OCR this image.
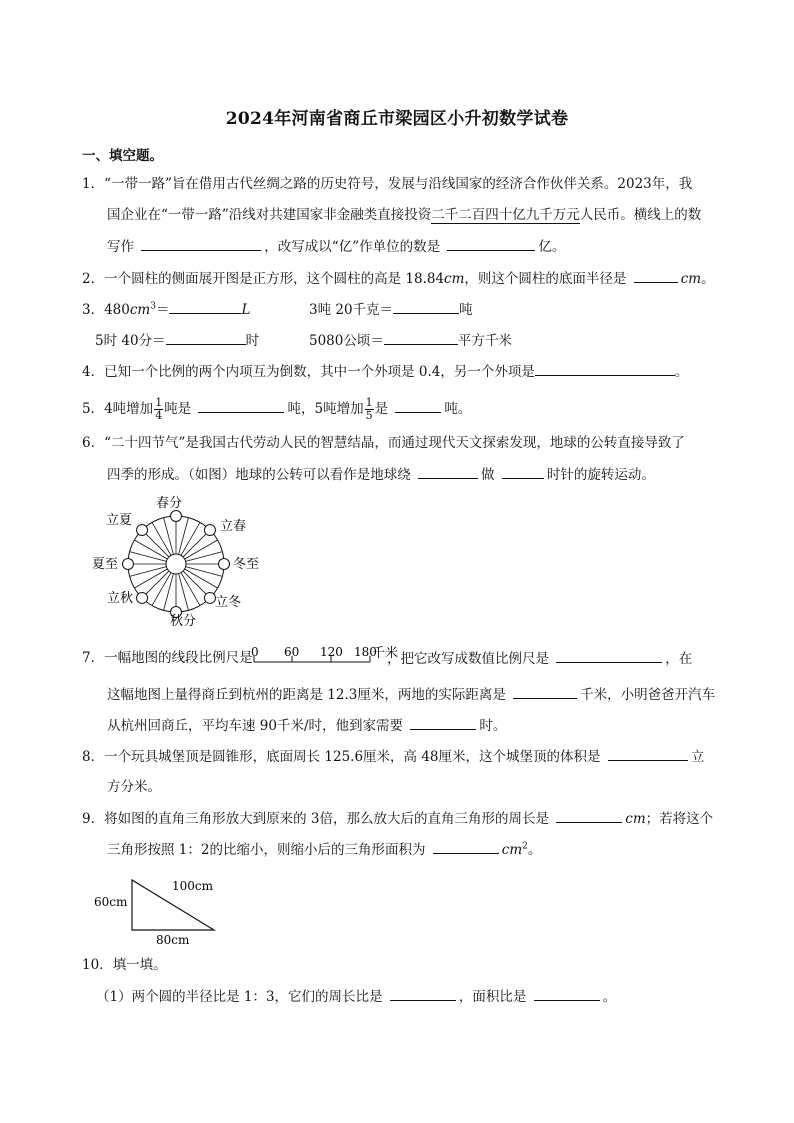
2024年河南省商丘市梁园区小升初数学试卷
一、填空题。
1．“一带一路”旨在借用古代丝绸之路的历史符号，发展与沿线国家的经济合作伙伴关系。2023年，我
国企业在“一带一路”沿线对共建国家非金融类直接投资二千二百四十亿九千万元人民币。横线上的数
写作	，改写成以“亿”作单位的数是	亿。
2．一个圆柱的侧面展开图是正方形，这个圆柱的高是 18.84cm，则这个圆柱的底面半径是	cm。
3．$480cm^3=$	L	3吨 20千克＝	吨
5时 40分＝	时	5080公顷＝	平方千米
4．已知一个比例的两个内项互为倒数，其中一个外项是 0.4，另一个外项是	。
5．4吨增加 $\frac{1}{4}$ 吨是	吨，5吨增加 $\frac{1}{5}$ 是	吨。
6．“二十四节气”是我国古代劳动人民的智慧结晶，而通过现代天文探索发现，地球的公转直接导致了
四季的形成。（如图）地球的公转可以看作是地球绕	做	时针的旋转运动。
春分
立春
冬至
立冬
秋分
立秋
夏至
立夏
7．一幅地图的线段比例尺是
0 60 120 180
千米
，把它改写成数值比例尺是	，在
这幅地图上量得商丘到杭州的距离是 12.3厘米，两地的实际距离是	千米，小明爸爸开汽车
从杭州回商丘，平均车速 90千米/时，他到家需要	时。
8．一个玩具城堡顶是圆锥形，底面周长 125.6厘米，高 48厘米，这个城堡顶的体积是	立
方分米。
9．将如图的直角三角形放大到原来的 3倍，那么放大后的直角三角形的周长是	cm；若将这个
三角形按照 1：2的比缩小，则缩小后的三角形面积为	$cm^2$。
60cm
100cm
80cm
10．填一填。
（1）两个圆的半径比是 1：3，它们的周长比是	，面积比是	。
